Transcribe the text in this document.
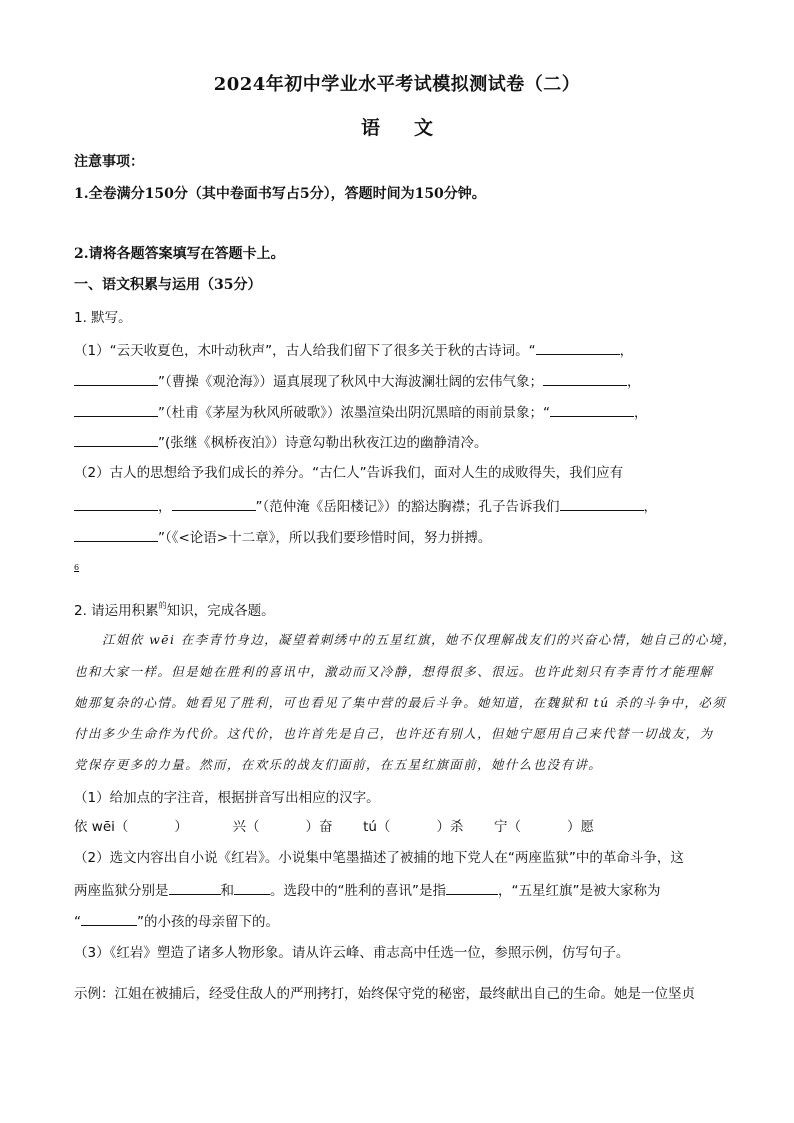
2024年初中学业水平考试模拟测试卷（二）
语文
注意事项：
1.全卷满分150分（其中卷面书写占5分），答题时间为150分钟。
2.请将各题答案填写在答题卡上。
一、语文积累与运用（35分）
1. 默写。
（1）“云天收夏色，木叶动秋声”，古人给我们留下了很多关于秋的古诗词。“	，
”（曹操《观沧海》）逼真展现了秋风中大海波澜壮阔的宏伟气象；	，
”（杜甫《茅屋为秋风所破歌》）浓墨渲染出阴沉黑暗的雨前景象；“	，
”(张继《枫桥夜泊》）诗意勾勒出秋夜江边的幽静清冷。
（2）古人的思想给予我们成长的养分。“古仁人”告诉我们，面对人生的成败得失，我们应有
，	”（范仲淹《岳阳楼记》）的豁达胸襟；孔子告诉我们	，
”（《<论语>十二章》，所以我们要珍惜时间，努力拼搏。
6
2. 请运用积累$^的$知识，完成各题。
江姐依 wēi 在李青竹身边，凝望着刺绣中的五星红旗，她不仅理解战友们的兴奋心情，她自己的心境，
也和大家一样。但是她在胜利的喜讯中，激动而又冷静，想得很多、很远。也许此刻只有李青竹才能理解
她那复杂的心情。她看见了胜利，可也看见了集中营的最后斗争。她知道，在魏狱和 tú 杀的斗争中，必须
付出多少生命作为代价。这代价，也许首先是自己，也许还有别人，但她宁愿用自己来代替一切战友，为
党保存更多的力量。然而，在欢乐的战友们面前，在五星红旗面前，她什么也没有讲。
（1）给加点的字注音，根据拼音写出相应的汉字。
依 wēi（	）	兴（	）奋 tú（	）杀 宁（	）愿
（2）选文内容出自小说《红岩》。小说集中笔墨描述了被捕的地下党人在“两座监狱”中的革命斗争，这
两座监狱分别是	和	。选段中的“胜利的喜讯”是指	，“五星红旗”是被大家称为
“	”的小孩的母亲留下的。
（3）《红岩》塑造了诸多人物形象。请从许云峰、甫志高中任选一位，参照示例，仿写句子。
示例：江姐在被捕后，经受住敌人的严刑拷打，始终保守党的秘密，最终献出自己的生命。她是一位坚贞
